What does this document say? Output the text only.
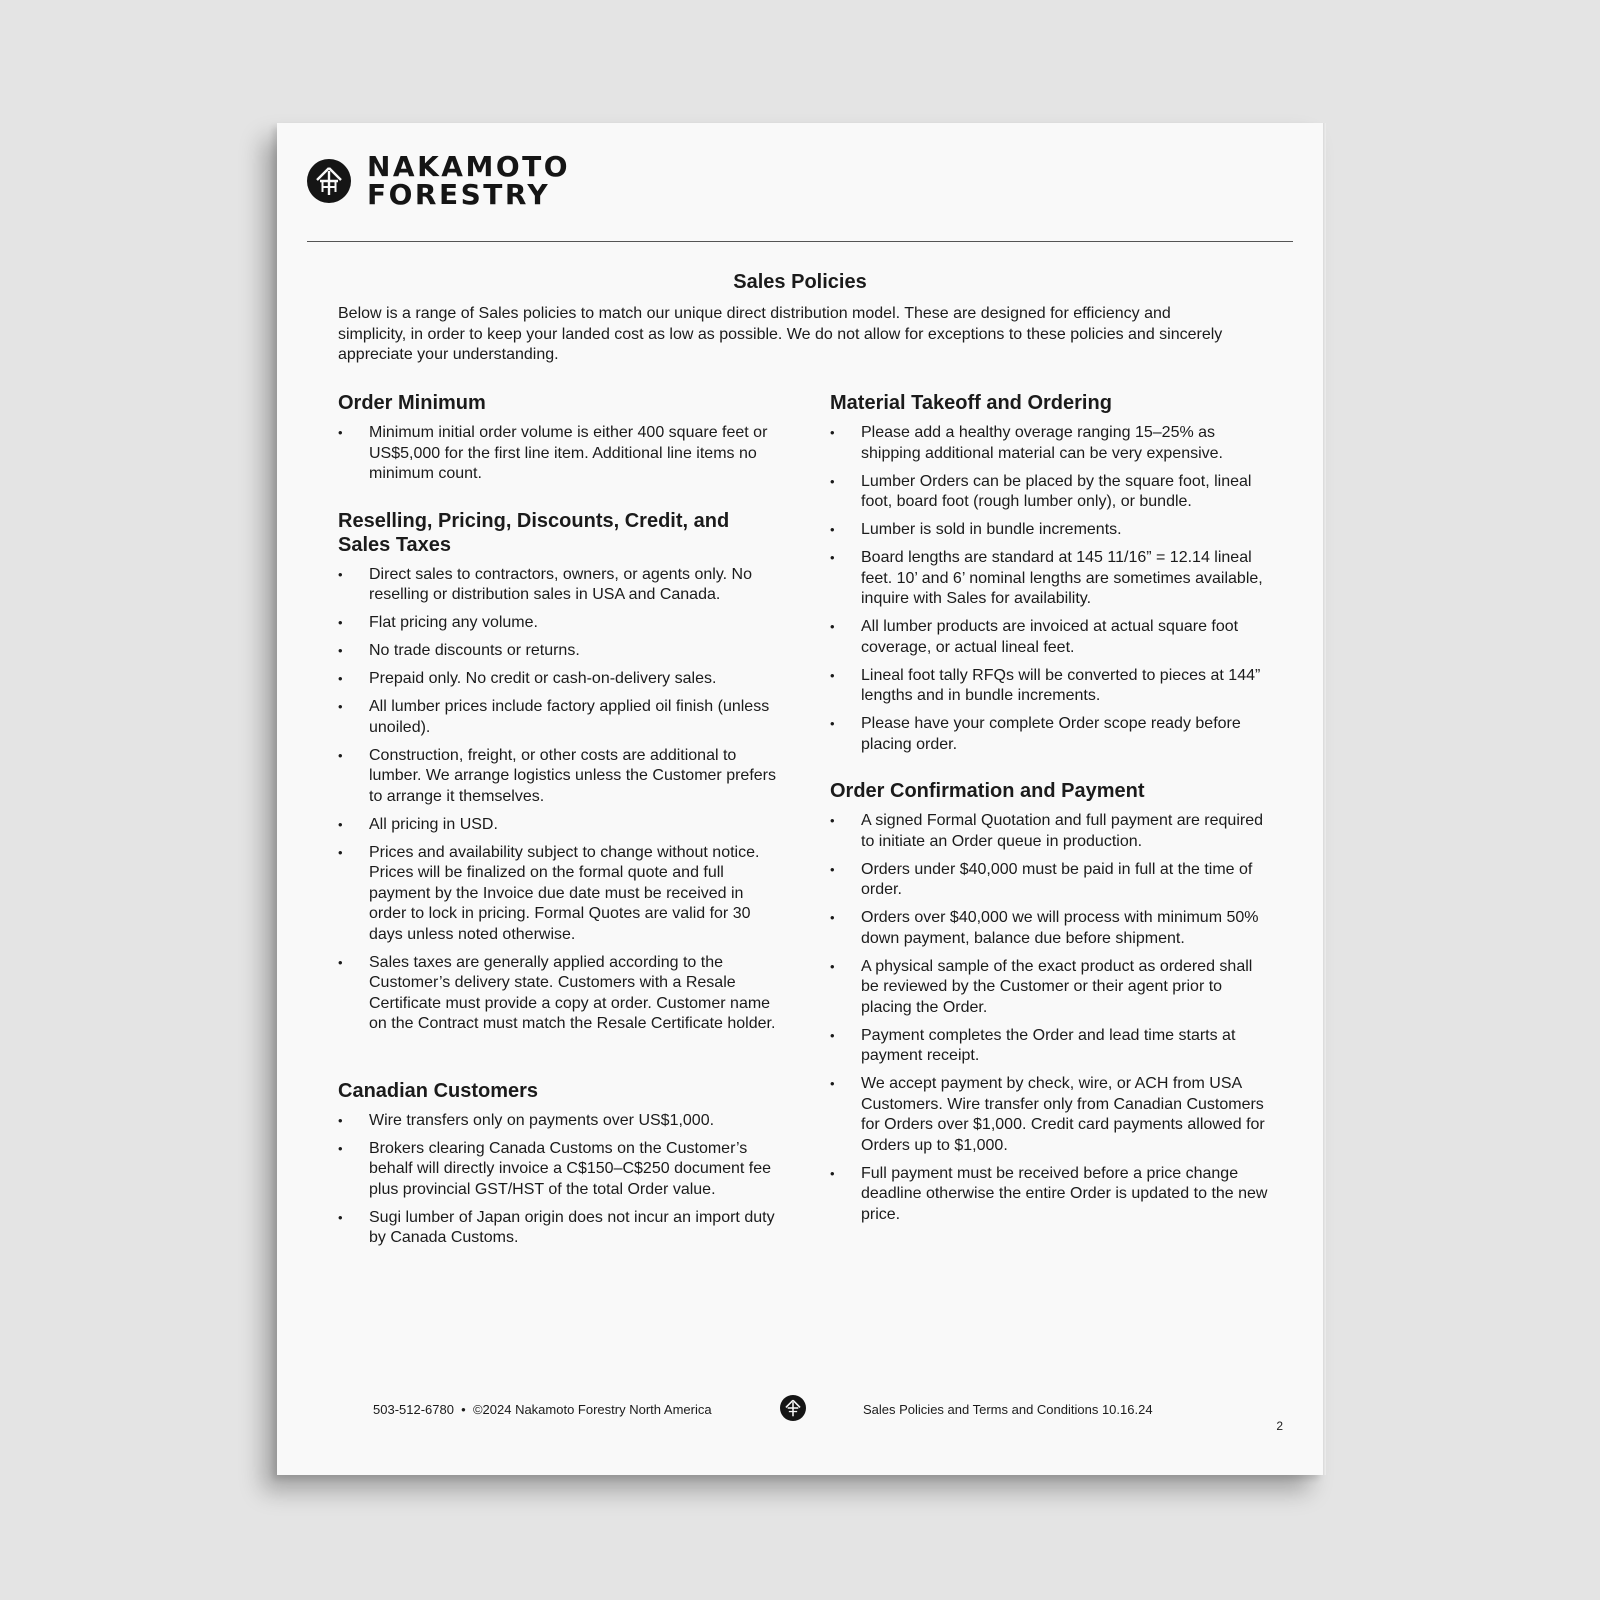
NAKAMOTO
FORESTRY
Sales Policies

Below is a range of Sales policies to match our unique direct distribution model. These are designed for efficiency and simplicity, in order to keep your landed cost as low as possible. We do not allow for exceptions to these policies and sincerely appreciate your understanding.

Order Minimum
• Minimum initial order volume is either 400 square feet or US$5,000 for the first line item. Additional line items no minimum count.
Reselling, Pricing, Discounts, Credit, and Sales Taxes
• Direct sales to contractors, owners, or agents only. No reselling or distribution sales in USA and Canada.
• Flat pricing any volume.
• No trade discounts or returns.
• Prepaid only. No credit or cash-on-delivery sales.
• All lumber prices include factory applied oil finish (unless unoiled).
• Construction, freight, or other costs are additional to lumber. We arrange logistics unless the Customer prefers to arrange it themselves.
• All pricing in USD.
• Prices and availability subject to change without notice. Prices will be finalized on the formal quote and full payment by the Invoice due date must be received in order to lock in pricing. Formal Quotes are valid for 30 days unless noted otherwise.
• Sales taxes are generally applied according to the Customer’s delivery state. Customers with a Resale Certificate must provide a copy at order. Customer name on the Contract must match the Resale Certificate holder.
Canadian Customers
• Wire transfers only on payments over US$1,000.
• Brokers clearing Canada Customs on the Customer’s behalf will directly invoice a C$150–C$250 document fee plus provincial GST/HST of the total Order value.
• Sugi lumber of Japan origin does not incur an import duty by Canada Customs.
Material Takeoff and Ordering
• Please add a healthy overage ranging 15–25% as shipping additional material can be very expensive.
• Lumber Orders can be placed by the square foot, lineal foot, board foot (rough lumber only), or bundle.
• Lumber is sold in bundle increments.
• Board lengths are standard at 145 11/16” = 12.14 lineal feet. 10’ and 6’ nominal lengths are sometimes available, inquire with Sales for availability.
• All lumber products are invoiced at actual square foot coverage, or actual lineal feet.
• Lineal foot tally RFQs will be converted to pieces at 144” lengths and in bundle increments.
• Please have your complete Order scope ready before placing order.
Order Confirmation and Payment
• A signed Formal Quotation and full payment are required to initiate an Order queue in production.
• Orders under $40,000 must be paid in full at the time of order.
• Orders over $40,000 we will process with minimum 50% down payment, balance due before shipment.
• A physical sample of the exact product as ordered shall be reviewed by the Customer or their agent prior to placing the Order.
• Payment completes the Order and lead time starts at payment receipt.
• We accept payment by check, wire, or ACH from USA Customers. Wire transfer only from Canadian Customers for Orders over $1,000. Credit card payments allowed for Orders up to $1,000.
• Full payment must be received before a price change deadline otherwise the entire Order is updated to the new price.
503-512-6780  •  ©2024 Nakamoto Forestry North America	Sales Policies and Terms and Conditions 10.16.24
2
